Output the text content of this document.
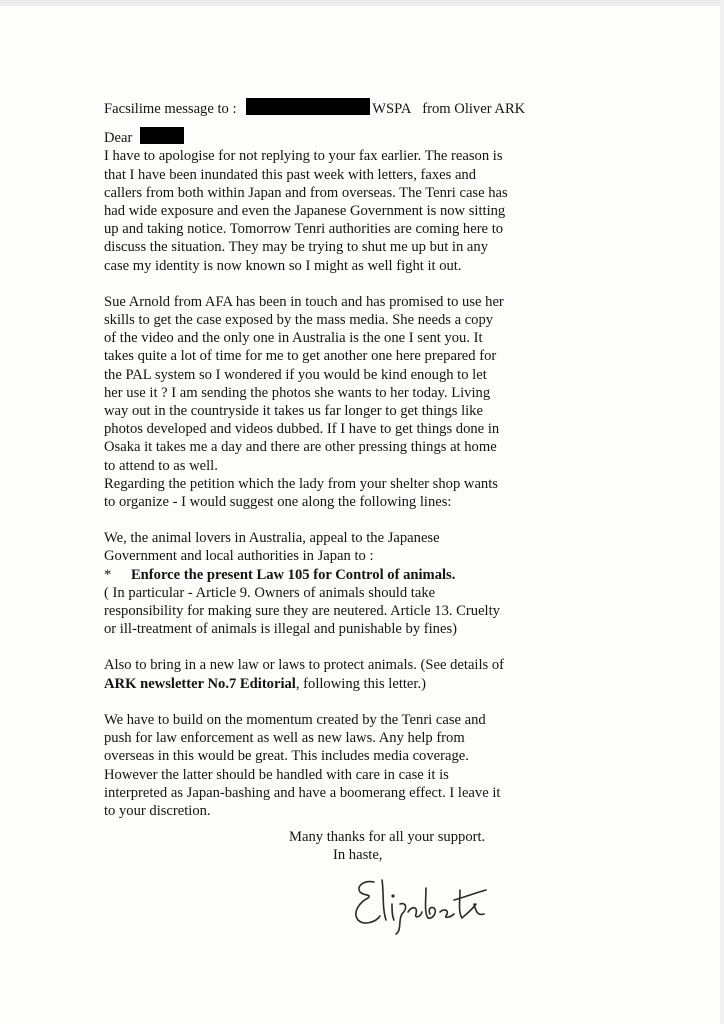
Facsilime message to :	WSPA from Oliver ARK
Dear
I have to apologise for not replying to your fax earlier. The reason is
that I have been inundated this past week with letters, faxes and
callers from both within Japan and from overseas. The Tenri case has
had wide exposure and even the Japanese Government is now sitting
up and taking notice. Tomorrow Tenri authorities are coming here to
discuss the situation. They may be trying to shut me up but in any
case my identity is now known so I might as well fight it out.
Sue Arnold from AFA has been in touch and has promised to use her
skills to get the case exposed by the mass media. She needs a copy
of the video and the only one in Australia is the one I sent you. It
takes quite a lot of time for me to get another one here prepared for
the PAL system so I wondered if you would be kind enough to let
her use it ? I am sending the photos she wants to her today. Living
way out in the countryside it takes us far longer to get things like
photos developed and videos dubbed. If I have to get things done in
Osaka it takes me a day and there are other pressing things at home
to attend to as well.
Regarding the petition which the lady from your shelter shop wants
to organize - I would suggest one along the following lines:
We, the animal lovers in Australia, appeal to the Japanese
Government and local authorities in Japan to :
* Enforce the present Law 105 for Control of animals.
( In particular - Article 9. Owners of animals should take
responsibility for making sure they are neutered. Article 13. Cruelty
or ill-treatment of animals is illegal and punishable by fines)
Also to bring in a new law or laws to protect animals. (See details of
ARK newsletter No.7 Editorial, following this letter.)
We have to build on the momentum created by the Tenri case and
push for law enforcement as well as new laws. Any help from
overseas in this would be great. This includes media coverage.
However the latter should be handled with care in case it is
interpreted as Japan-bashing and have a boomerang effect. I leave it
to your discretion.
Many thanks for all your support.
In haste,
